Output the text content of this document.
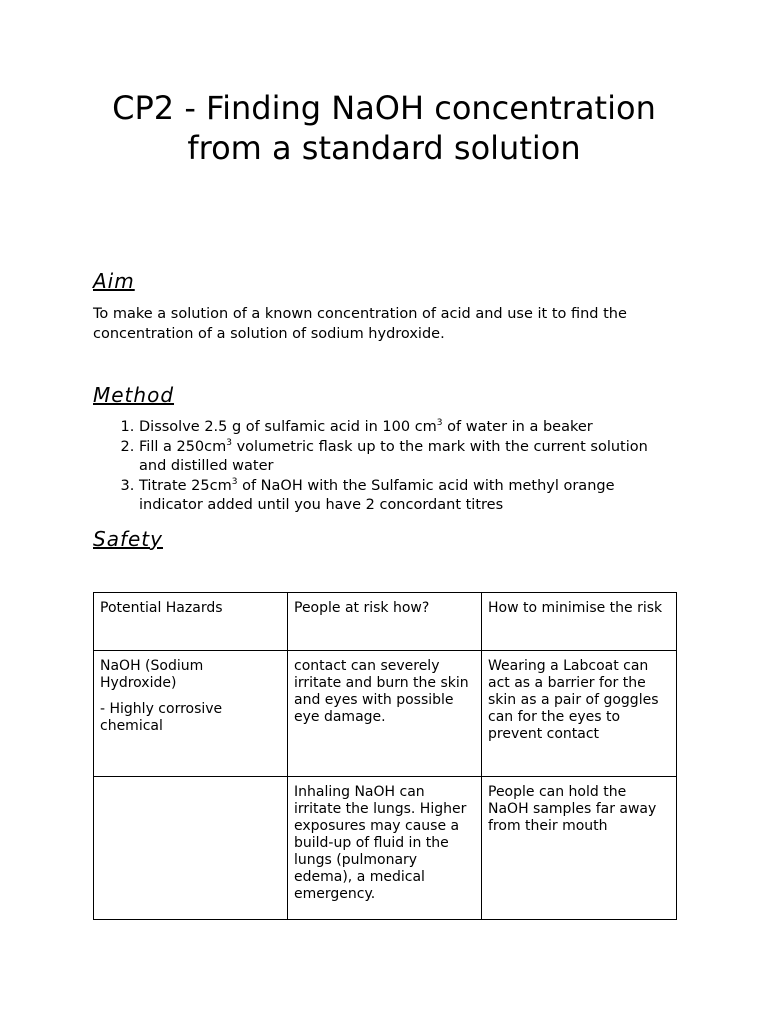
CP2 - Finding NaOH concentration from a standard solution
Aim

To make a solution of a known concentration of acid and use it to find the concentration of a solution of sodium hydroxide.

Method
1. Dissolve 2.5 g of sulfamic acid in 100 $cm^3$ of water in a beaker
2. Fill a $250cm^3$ volumetric flask up to the mark with the current solution and distilled water
3. Titrate $25cm^3$ of NaOH with the Sulfamic acid with methyl orange indicator added until you have 2 concordant titres
Safety
Potential Hazards	People at risk how?	How to minimise the risk

NaOH (Sodium Hydroxide)

- Highly corrosive chemical	contact can severely irritate and burn the skin and eyes with possible eye damage.	Wearing a Labcoat can act as a barrier for the skin as a pair of goggles can for the eyes to prevent contact
	Inhaling NaOH can irritate the lungs. Higher exposures may cause a build-up of fluid in the lungs (pulmonary edema), a medical emergency.	People can hold the NaOH samples far away from their mouth
